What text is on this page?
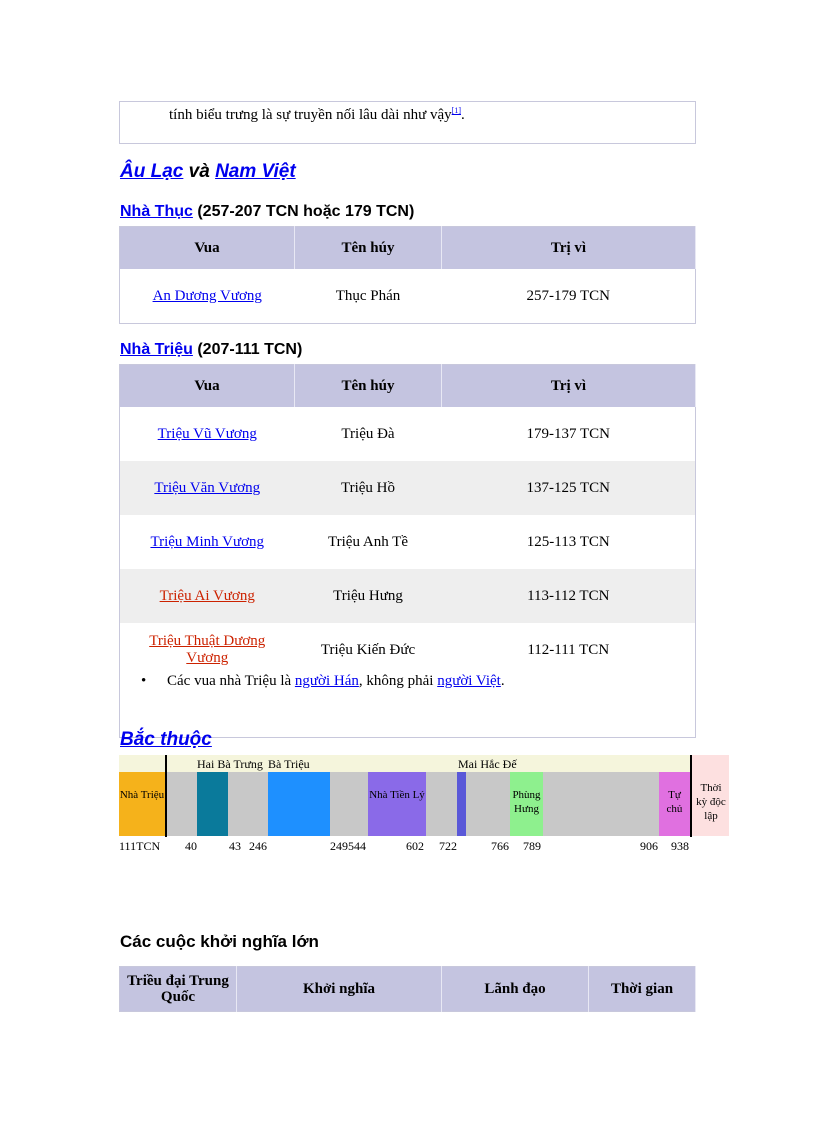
tính biểu trưng là sự truyền nối lâu dài như vậy[1].

Âu Lạc và Nam Việt
Nhà Thục (257-207 TCN hoặc 179 TCN)
Vua	Tên húy	Trị vì
An Dương Vương	Thục Phán	257-179 TCN
Nhà Triệu (207-111 TCN)
Vua	Tên húy	Trị vì
Triệu Vũ Vương	Triệu Đà	179-137 TCN
Triệu Văn Vương	Triệu Hồ	137-125 TCN
Triệu Minh Vương	Triệu Anh Tề	125-113 TCN
Triệu Ai Vương	Triệu Hưng	113-112 TCN
Triệu Thuật Dương Vương	Triệu Kiến Đức	112-111 TCN

Các vua nhà Triệu là người Hán, không phải người Việt.
Bắc thuộc
Hai Bà Trưng Bà Triệu	Mai Hắc Đế
Nhà Triệu	Nhà Tiền Lý	Phùng Hưng
Tự chủ
Thời kỳ độc lập
111TCN 40	43 246	249 544	602 722	766 789	906 938
Các cuộc khởi nghĩa lớn
Triều đại Trung Quốc	Khởi nghĩa	Lãnh đạo	Thời gian
